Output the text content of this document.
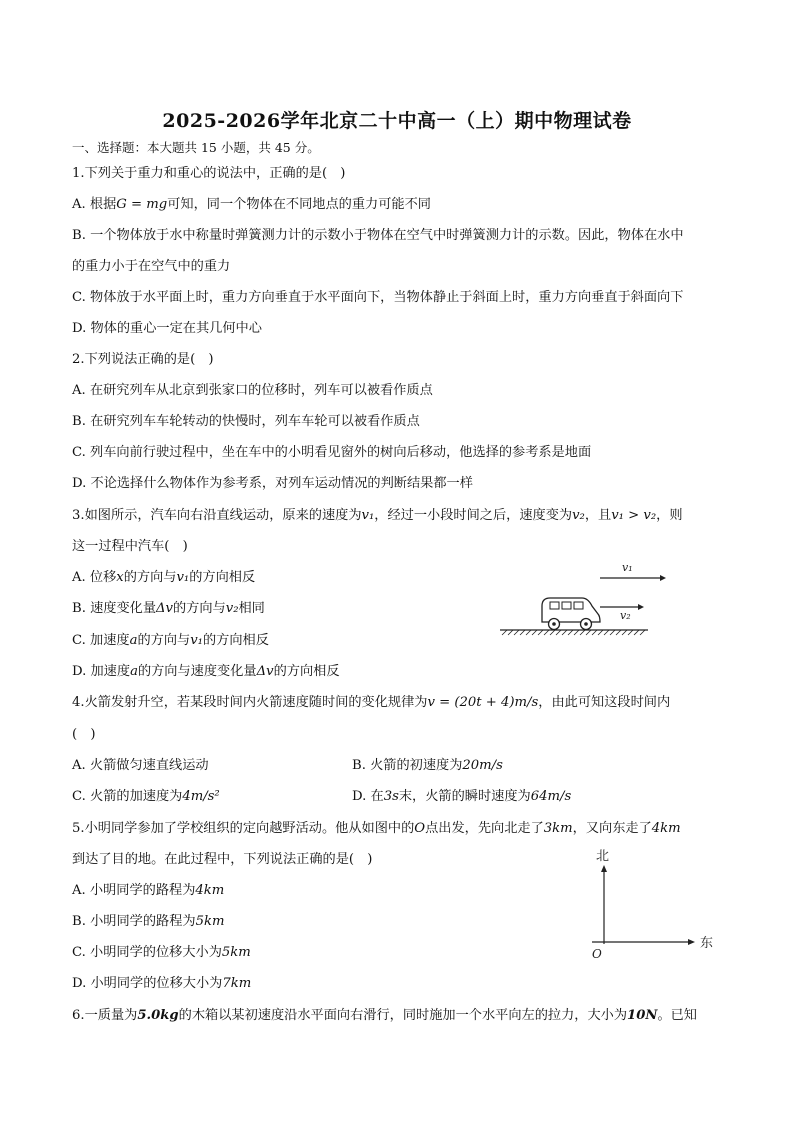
2025-2026学年北京二十中高一（上）期中物理试卷
一、选择题：本大题共 15 小题，共 45 分。
1.下列关于重力和重心的说法中，正确的是(　)
A. 根据G = mg可知，同一个物体在不同地点的重力可能不同
B. 一个物体放于水中称量时弹簧测力计的示数小于物体在空气中时弹簧测力计的示数。因此，物体在水中
的重力小于在空气中的重力
C. 物体放于水平面上时，重力方向垂直于水平面向下，当物体静止于斜面上时，重力方向垂直于斜面向下
D. 物体的重心一定在其几何中心
2.下列说法正确的是(　)
A. 在研究列车从北京到张家口的位移时，列车可以被看作质点
B. 在研究列车车轮转动的快慢时，列车车轮可以被看作质点
C. 列车向前行驶过程中，坐在车中的小明看见窗外的树向后移动，他选择的参考系是地面
D. 不论选择什么物体作为参考系，对列车运动情况的判断结果都一样
3.如图所示，汽车向右沿直线运动，原来的速度为v₁，经过一小段时间之后，速度变为v₂，且v₁ > v₂，则
这一过程中汽车(　)
A. 位移x的方向与v₁的方向相反
B. 速度变化量Δv的方向与v₂相同
C. 加速度a的方向与v₁的方向相反
D. 加速度a的方向与速度变化量Δv的方向相反
v₁
v₂
4.火箭发射升空，若某段时间内火箭速度随时间的变化规律为v = (20t + 4)m/s，由此可知这段时间内
(　)
A. 火箭做匀速直线运动	B. 火箭的初速度为20m/s
C. 火箭的加速度为4m/s²	D. 在3s末，火箭的瞬时速度为64m/s
5.小明同学参加了学校组织的定向越野活动。他从如图中的O点出发，先向北走了3km，又向东走了4km
到达了目的地。在此过程中，下列说法正确的是(　)
A. 小明同学的路程为4km
B. 小明同学的路程为5km
C. 小明同学的位移大小为5km
D. 小明同学的位移大小为7km
北
东
O
6.一质量为5.0kg的木箱以某初速度沿水平面向右滑行，同时施加一个水平向左的拉力，大小为10N。已知
